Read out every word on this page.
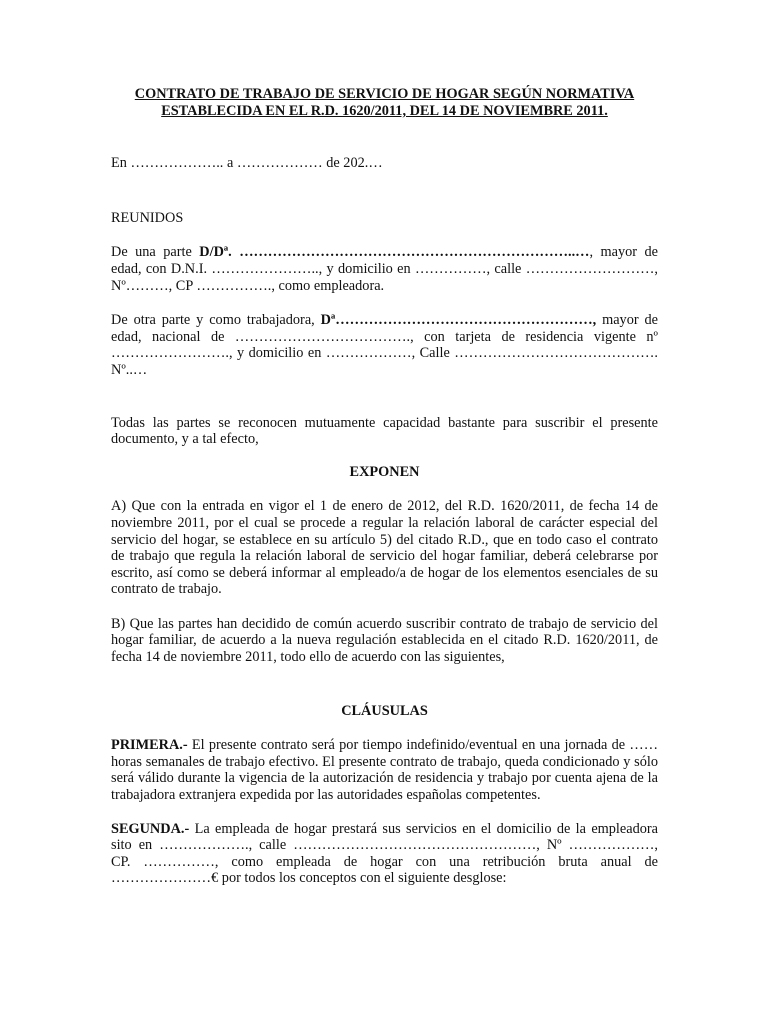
CONTRATO DE TRABAJO DE SERVICIO DE HOGAR SEGÚN NORMATIVA
ESTABLECIDA EN EL R.D. 1620/2011, DEL 14 DE NOVIEMBRE 2011.

En ……………….. a ……………… de 202.…

REUNIDOS

De una parte D/Dª. ……………………………………………………………..…, mayor de edad, con D.N.I. ………………….., y domicilio en ……………, calle ………………………, Nº………, CP ……………., como empleadora.

De otra parte y como trabajadora, Dª………………………………………………, mayor de edad, nacional de ………………………………., con tarjeta de residencia vigente nº ……………………., y domicilio en ………………, Calle ……………………………………. Nº..…

Todas las partes se reconocen mutuamente capacidad bastante para suscribir el presente documento, y a tal efecto,

EXPONEN

A) Que con la entrada en vigor el 1 de enero de 2012, del R.D. 1620/2011, de fecha 14 de noviembre 2011, por el cual se procede a regular la relación laboral de carácter especial del servicio del hogar, se establece en su artículo 5) del citado R.D., que en todo caso el contrato de trabajo que regula la relación laboral de servicio del hogar familiar, deberá celebrarse por escrito, así como se deberá informar al empleado/a de hogar de los elementos esenciales de su contrato de trabajo.

B) Que las partes han decidido de común acuerdo suscribir contrato de trabajo de servicio del hogar familiar, de acuerdo a la nueva regulación establecida en el citado R.D. 1620/2011, de fecha 14 de noviembre 2011, todo ello de acuerdo con las siguientes,

CLÁUSULAS

PRIMERA.- El presente contrato será por tiempo indefinido/eventual en una jornada de …… horas semanales de trabajo efectivo. El presente contrato de trabajo, queda condicionado y sólo será válido durante la vigencia de la autorización de residencia y trabajo por cuenta ajena de la trabajadora extranjera expedida por las autoridades españolas competentes.

SEGUNDA.- La empleada de hogar prestará sus servicios en el domicilio de la empleadora sito en ………………., calle ……………………………………………, Nº ………………, CP. ……………, como empleada de hogar con una retribución bruta anual de …………………€ por todos los conceptos con el siguiente desglose:
